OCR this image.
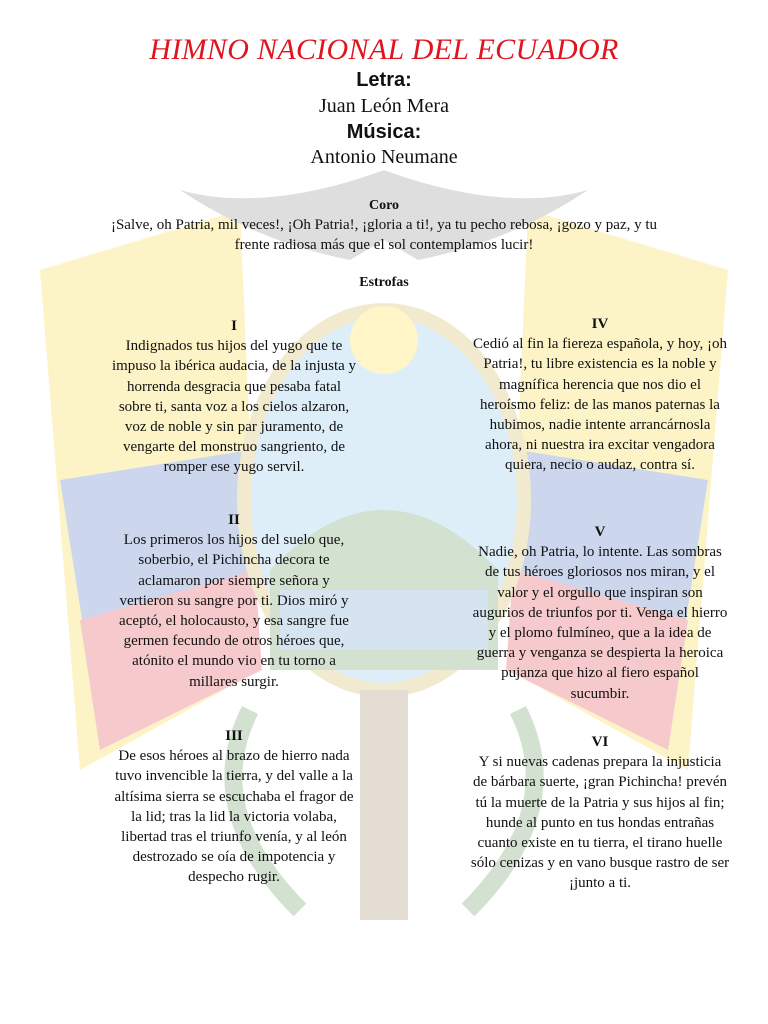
HIMNO NACIONAL DEL ECUADOR
Letra:
Juan León Mera
Música:
Antonio Neumane
Coro
¡Salve, oh Patria, mil veces!, ¡Oh Patria!, ¡gloria a ti!, ya tu pecho rebosa, ¡gozo y paz, y tu frente radiosa más que el sol contemplamos lucir!
Estrofas
I
Indignados tus hijos del yugo que te impuso la ibérica audacia, de la injusta y horrenda desgracia que pesaba fatal sobre ti, santa voz a los cielos alzaron, voz de noble y sin par juramento, de vengarte del monstruo sangriento, de romper ese yugo servil.
II
Los primeros los hijos del suelo que, soberbio, el Pichincha decora te aclamaron por siempre señora y vertieron su sangre por ti. Dios miró y aceptó, el holocausto, y esa sangre fue germen fecundo de otros héroes que, atónito el mundo vio en tu torno a millares surgir.
III
De esos héroes al brazo de hierro nada tuvo invencible la tierra, y del valle a la altísima sierra se escuchaba el fragor de la lid; tras la lid la victoria volaba, libertad tras el triunfo venía, y al león destrozado se oía de impotencia y despecho rugir.
IV
Cedió al fin la fiereza española, y hoy, ¡oh Patria!, tu libre existencia es la noble y magnífica herencia que nos dio el heroísmo feliz: de las manos paternas la hubimos, nadie intente arrancárnosla ahora, ni nuestra ira excitar vengadora quiera, necio o audaz, contra sí.
V
Nadie, oh Patria, lo intente. Las sombras de tus héroes gloriosos nos miran, y el valor y el orgullo que inspiran son augurios de triunfos por ti. Venga el hierro y el plomo fulmíneo, que a la idea de guerra y venganza se despierta la heroica pujanza que hizo al fiero español sucumbir.
VI
Y si nuevas cadenas prepara la injusticia de bárbara suerte, ¡gran Pichincha! prevén tú la muerte de la Patria y sus hijos al fin; hunde al punto en tus hondas entrañas cuanto existe en tu tierra, el tirano huelle sólo cenizas y en vano busque rastro de ser ¡junto a ti.
